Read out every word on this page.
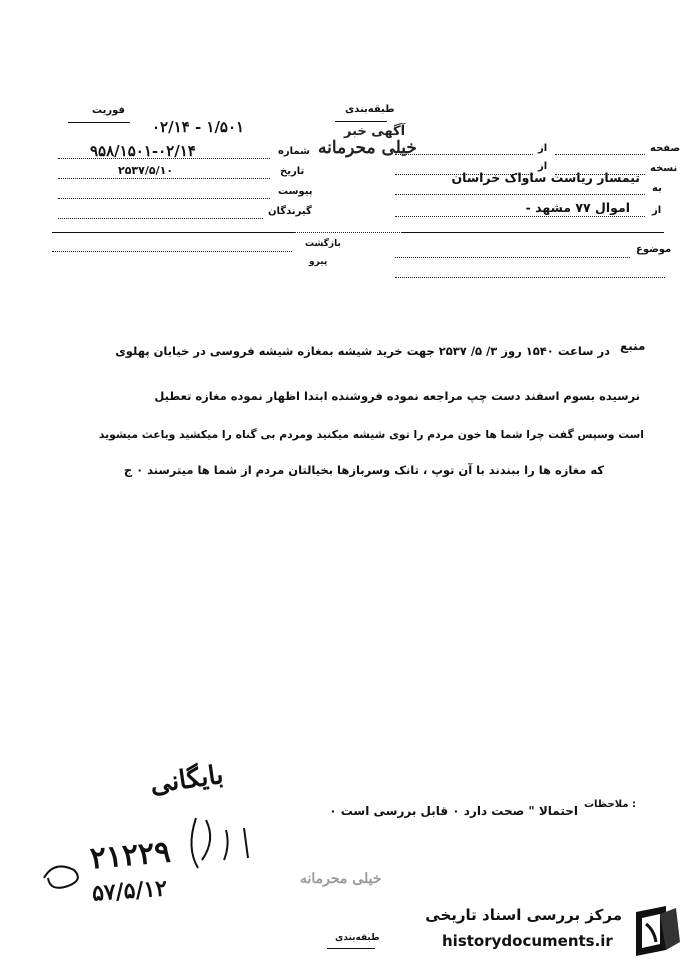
فوریت	طبقه‌بندی
آگهی خبر
خیلی محرمانه
۱/۵۰۱ - ۰۲/۱۴
شماره
۹۵۸/۱۵۰۱-۰۲/۱۴
تاریخ
۲۵۳۷/۵/۱۰
پیوست
گیرندگان
صفحه
از
نسخه
از
به
تیمسار ریاست ساواک خراسان
از
اموال ۷۷ مشهد -
بازگشت
پیرو
موضوع
منبع
در ساعت ۱۵۴۰ روز ۳/ ۵/ ۲۵۳۷ جهت خرید شیشه بمغازه شیشه فروسی در خیابان پهلوی
نرسیده بسوم اسفند دست چپ مراجعه نموده فروشنده ابتدا اظهار نموده مغازه تعطیل
است وسپس گفت چرا شما ها خون مردم را توی شیشه میکنید ومردم بی گناه را میکشید وباعث میشوید
که مغازه ها را ببندند با آن توپ ، تانک وسربازها بخیالتان مردم از شما ها میترسند ۰ ج
ملاحظات :
احتمالا " صحت دارد ۰ قابل بررسی است ۰
بایگانی
۲۱۲۲۹
۵۷/۵/۱۲	خیلی محرمانه
طبقه‌بندی
مرکز بررسی اسناد تاریخی
historydocuments.ir
